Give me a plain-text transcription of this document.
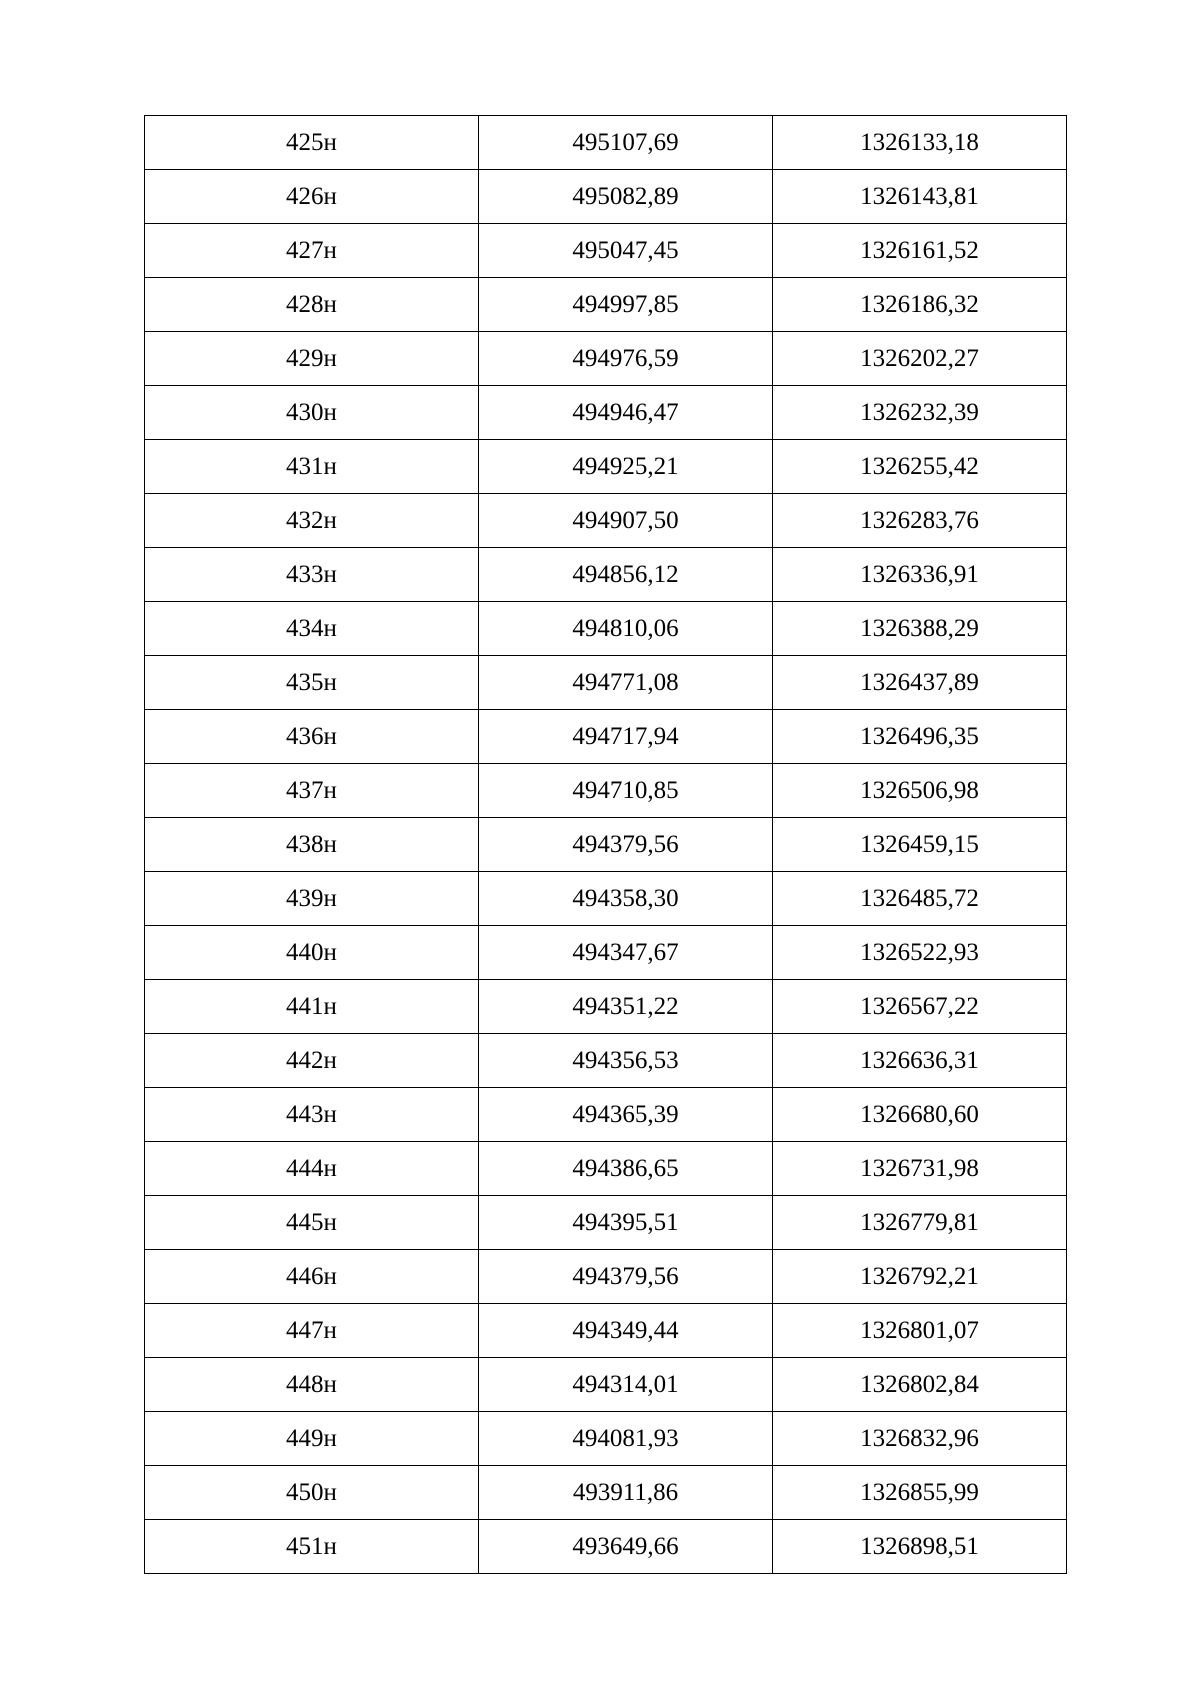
425н	495107,69	1326133,18
426н	495082,89	1326143,81
427н	495047,45	1326161,52
428н	494997,85	1326186,32
429н	494976,59	1326202,27
430н	494946,47	1326232,39
431н	494925,21	1326255,42
432н	494907,50	1326283,76
433н	494856,12	1326336,91
434н	494810,06	1326388,29
435н	494771,08	1326437,89
436н	494717,94	1326496,35
437н	494710,85	1326506,98
438н	494379,56	1326459,15
439н	494358,30	1326485,72
440н	494347,67	1326522,93
441н	494351,22	1326567,22
442н	494356,53	1326636,31
443н	494365,39	1326680,60
444н	494386,65	1326731,98
445н	494395,51	1326779,81
446н	494379,56	1326792,21
447н	494349,44	1326801,07
448н	494314,01	1326802,84
449н	494081,93	1326832,96
450н	493911,86	1326855,99
451н	493649,66	1326898,51
